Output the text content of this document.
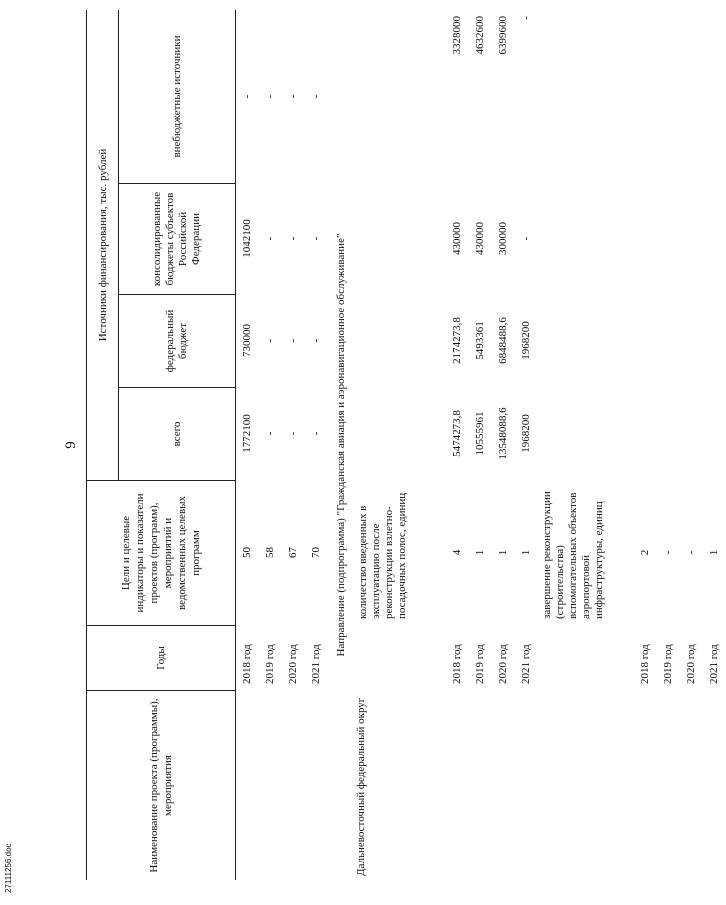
27111256.doc
9
Наименование проекта (программы), мероприятия
Годы
Цели и целевые индикаторы и показатели проектов (программ), мероприятий и ведомственных целевых программ
Источники финансирования, тыс. рублей
всего
федеральный бюджет
консолидированные бюджеты субъектов Российской Федерации
внебюджетные источники
2018 год
50
1772100
730000
1042100
-
2019 год
58
-
-
-
-
2020 год
67
-
-
-
-
2021 год
70
-
-
-
-
Направление (подпрограмма) "Гражданская авиация и аэронавигационное обслуживание"
Дальневосточный федеральный округ
количество введенных в эксплуатацию после реконструкции взлетно-посадочных полос, единиц
2018 год
4
5474273,8
2174273,8
430000
3328000
2019 год
1
10555961
5493361
430000
4632600
2020 год
1
13548088,6
6848488,6
300000
6399600
2021 год
1
1968200
1968200
-
-
завершение реконструкции (строительства) вспомогательных объектов аэропортовой инфраструктуры, единиц
2018 год
2
2019 год
-
2020 год
-
2021 год
1
